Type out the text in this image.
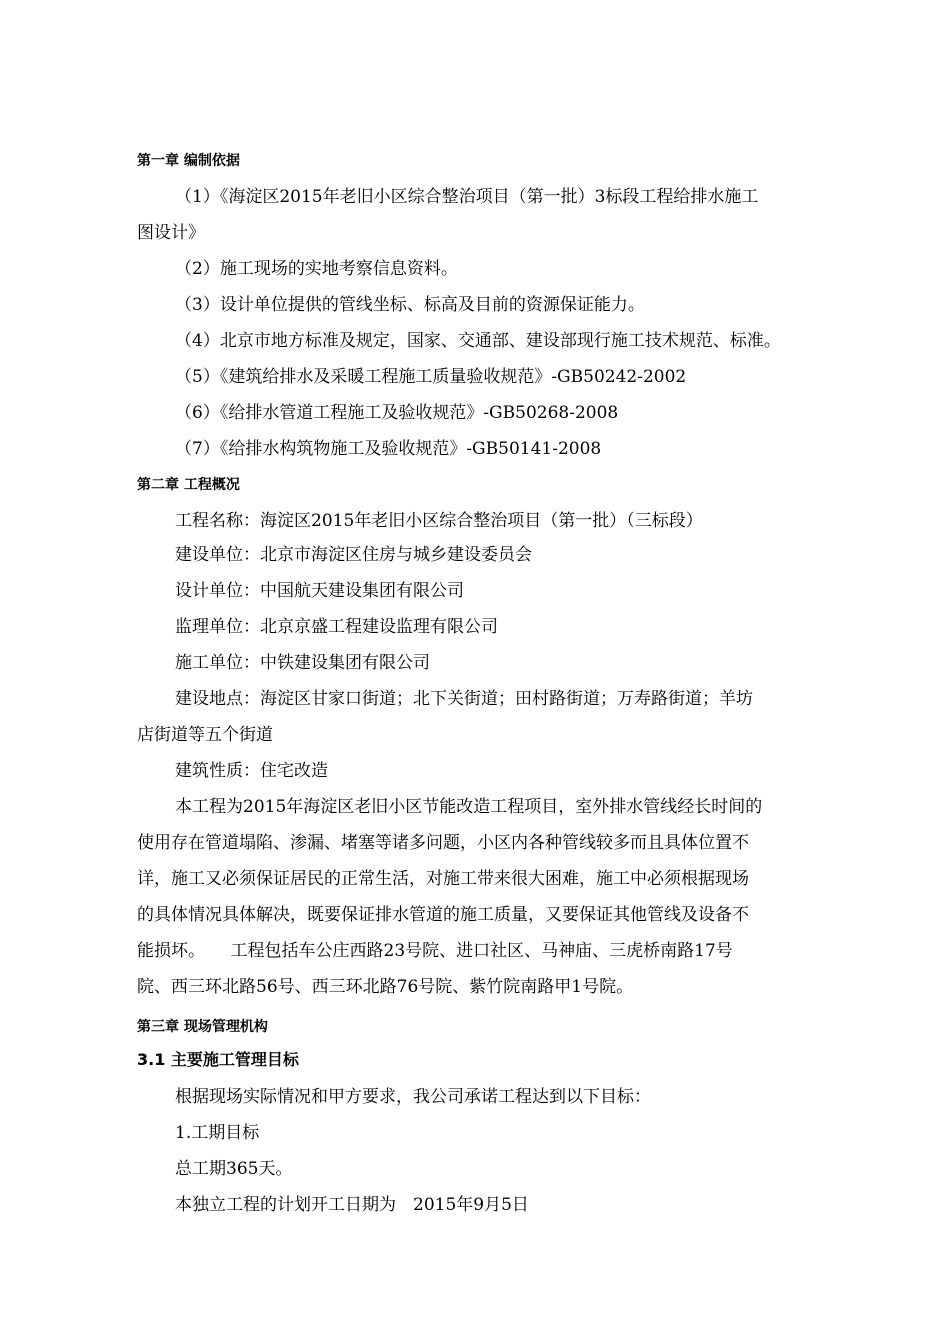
第一章 编制依据
（1）《海淀区2015年老旧小区综合整治项目（第一批）3标段工程给排水施工
图设计》
（2）施工现场的实地考察信息资料。
（3）设计单位提供的管线坐标、标高及目前的资源保证能力。
（4）北京市地方标准及规定，国家、交通部、建设部现行施工技术规范、标准。
（5）《建筑给排水及采暖工程施工质量验收规范》-GB50242-2002
（6）《给排水管道工程施工及验收规范》-GB50268-2008
（7）《给排水构筑物施工及验收规范》-GB50141-2008
第二章 工程概况
工程名称：海淀区2015年老旧小区综合整治项目（第一批）（三标段）
建设单位：北京市海淀区住房与城乡建设委员会
设计单位：中国航天建设集团有限公司
监理单位：北京京盛工程建设监理有限公司
施工单位：中铁建设集团有限公司
建设地点：海淀区甘家口街道；北下关街道；田村路街道；万寿路街道；羊坊
店街道等五个街道
建筑性质：住宅改造
本工程为2015年海淀区老旧小区节能改造工程项目，室外排水管线经长时间的
使用存在管道塌陷、渗漏、堵塞等诸多问题，小区内各种管线较多而且具体位置不
详，施工又必须保证居民的正常生活，对施工带来很大困难，施工中必须根据现场
的具体情况具体解决，既要保证排水管道的施工质量，又要保证其他管线及设备不
能损坏。　　工程包括车公庄西路23号院、进口社区、马神庙、三虎桥南路17号
院、西三环北路56号、西三环北路76号院、紫竹院南路甲1号院。
第三章 现场管理机构
3.1 主要施工管理目标
根据现场实际情况和甲方要求，我公司承诺工程达到以下目标：
1.工期目标
总工期365天。
本独立工程的计划开工日期为　2015年9月5日
